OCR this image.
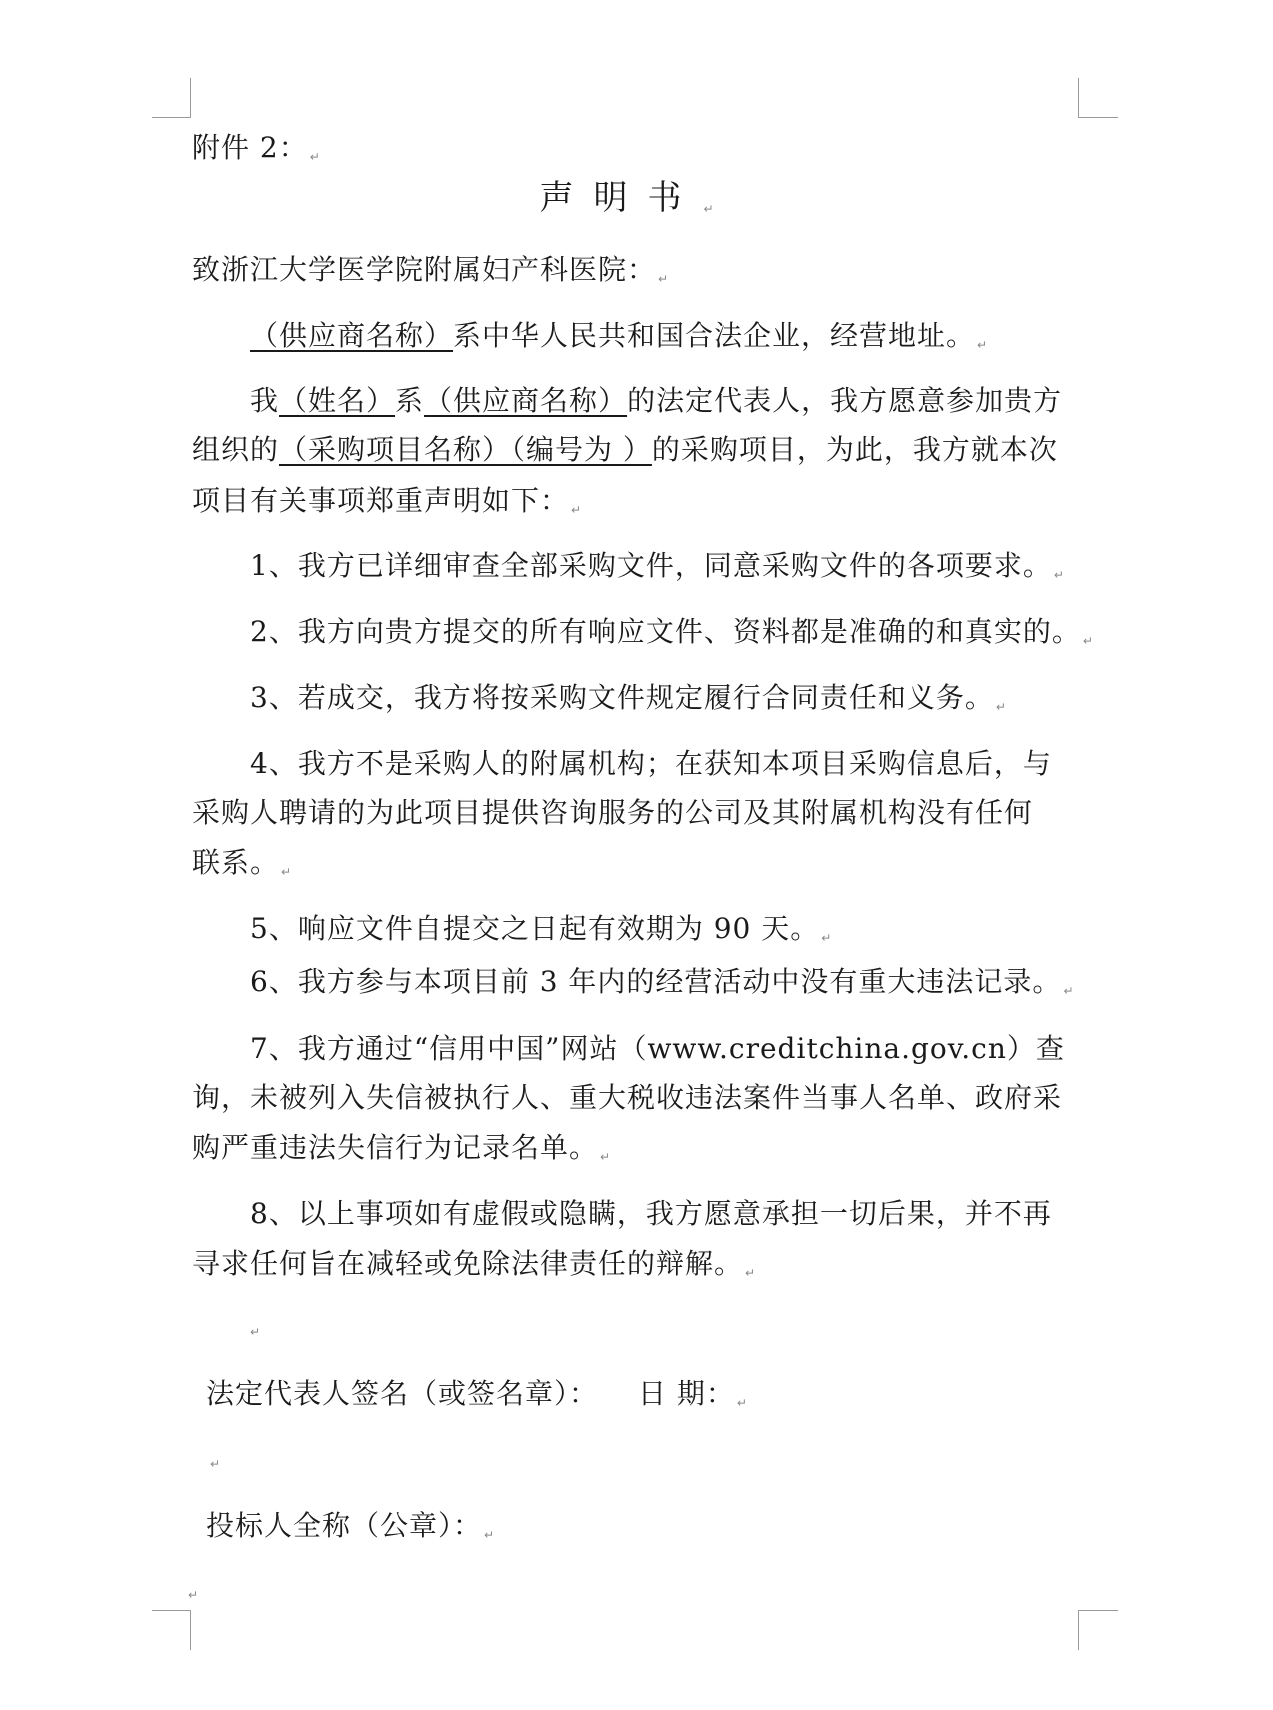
附件 2： ↵
声明书 ↵
致浙江大学医学院附属妇产科医院： ↵
（供应商名称）系中华人民共和国合法企业，经营地址。 ↵
我（姓名）系（供应商名称）的法定代表人，我方愿意参加贵方
组织的（采购项目名称）（编号为 ）的采购项目，为此，我方就本次
项目有关事项郑重声明如下： ↵
1、我方已详细审查全部采购文件，同意采购文件的各项要求。 ↵
2、我方向贵方提交的所有响应文件、资料都是准确的和真实的。 ↵
3、若成交，我方将按采购文件规定履行合同责任和义务。 ↵
4、我方不是采购人的附属机构；在获知本项目采购信息后，与
采购人聘请的为此项目提供咨询服务的公司及其附属机构没有任何
联系。 ↵
5、响应文件自提交之日起有效期为 90 天。 ↵
6、我方参与本项目前 3 年内的经营活动中没有重大违法记录。 ↵
7、我方通过“信用中国”网站（www.creditchina.gov.cn）查
询，未被列入失信被执行人、重大税收违法案件当事人名单、政府采
购严重违法失信行为记录名单。 ↵
8、以上事项如有虚假或隐瞒，我方愿意承担一切后果，并不再
寻求任何旨在减轻或免除法律责任的辩解。 ↵
↵
法定代表人签名（或签名章）： 日 期： ↵
↵
投标人全称（公章）： ↵
↵
